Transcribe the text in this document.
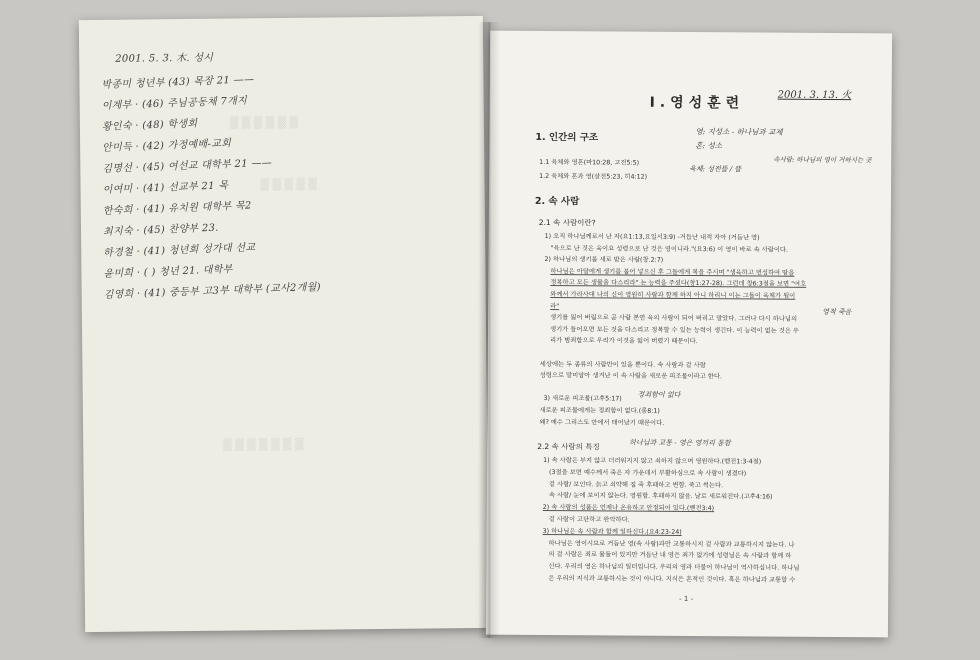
▒ ▒ ▒ ▒ ▒ ▒
▒ ▒ ▒ ▒ ▒
▒ ▒ ▒ ▒ ▒ ▒ ▒
2001. 5. 3. 木. 성시
박종미 청년부 (43) 목장 21 ——
이계부 · (46) 주님공동체 7개지
황인숙 · (48) 학생회
안미득 · (42) 가정예배-교회
김명선 · (45) 여선교 대학부 21 ——
이여미 · (41) 선교부 21 목
한숙희 · (41) 유치원 대학부 목2
최지숙 · (45) 찬양부 23.
하경철 · (41) 청년회 성가대 선교
윤미희 · ( ) 청년 21. 대학부
김영희 · (41) 중등부 고3부 대학부 (교사2개월)
Ⅰ.영성훈련	2001. 3. 13. 火
1. 인간의 구조
영: 지성소 - 하나님과 교제
혼: 성소
1.1 육체와 영혼(마10:28, 고전5:5)
1.2 육체와 혼과 영(살전5:23, 히4:12)
육체: 성전뜰 / 뜰
속사람: 하나님의 영이 거하시는 곳
2. 속 사람
2.1 속 사람이란?
1) 오직 하나님께로서 난 자(요1:13,요일서3:9) -거듭난 내적 자아 (거듭난 영)
"육으로 난 것은 육이요 성령으로 난 것은 영이니라."(요3:6) 이 영이 바로 속 사람이다.
2) 하나님의 생기를 새로 받은 사람(창.2:7)
하나님은 아담에게 생기를 불어 넣으신 후 그들에게 복을 주시며 "생육하고 번성하여 땅을
정복하고 모든 생물을 다스리라" 는 능력을 주셨다(창1:27-28). 그런데 창6:3절을 보면 "여호
와께서 가라사대 나의 신이 영원히 사람과 함께 하지 아니 하리니 이는 그들이 육체가 됨이
라"
생기를 잃어 버림으로 곧 사람 본연 육의 사람이 되어 버리고 말았다. 그러나 다시 하나님의
생기가 들어오면 모든 것을 다스리고 정복할 수 있는 능력이 생긴다. 이 능력이 없는 것은 우
리가 범죄함으로 우리가 이것을 잃어 버렸기 때문이다.
세상에는 두 종류의 사람만이 있을 뿐이다. 속 사람과 겉 사람
성령으로 말미암아 생겨난 이 속 사람을 새로운 피조물이라고 한다.
3) 새로운 피조물(고후5:17)
새로운 피조물에게는 정죄함이 없다.(롬8:1)
왜? 예수 그리스도 안에서 태어났기 때문이다.
영적 죽음
정죄함이 없다
2.2 속 사람의 특징	하나님과 교통 - 영은 영끼리 통함
1) 속 사람은 부지 않고 더러워지지 않고 쇠하지 않으며 영원하다.(벧전1:3-4절)
(3절을 보면 예수께서 죽은 자 가운데서 부활하심으로 속 사람이 생겼다)
겉 사람/ 보인다. 늙고 쇠약해 짐 죽 후패하고 변함. 죽고 썩는다.
속 사람/ 눈에 보이지 않는다. 영원함. 후패하지 않음. 날로 새로워진다.(고후4:16)
2) 속 사람의 성품은 언제나 온유하고 안정되어 있다.(벧전3:4)
겉 사람이 고단하고 완악하다.
3) 하나님은 속 사람과 함께 일하신다.(요4:23-24)
하나님은 영이시므로 거듭난 영(속 사람)과만 교통하시지 겉 사람과 교통하시지 않는다. 나
의 겉 사람은 죄로 물들어 있지만 거듭난 내 영은 죄가 없기에 성령님은 속 사람과 함께 하
신다. 우리의 영은 하나님의 일터입니다. 우리의 영과 더불어 하나님이 역사하십니다. 하나님
은 우리의 지식과 교통하시는 것이 아니다. 지식은 혼적인 것이다. 혹은 하나님과 교통할 수
- 1 -
